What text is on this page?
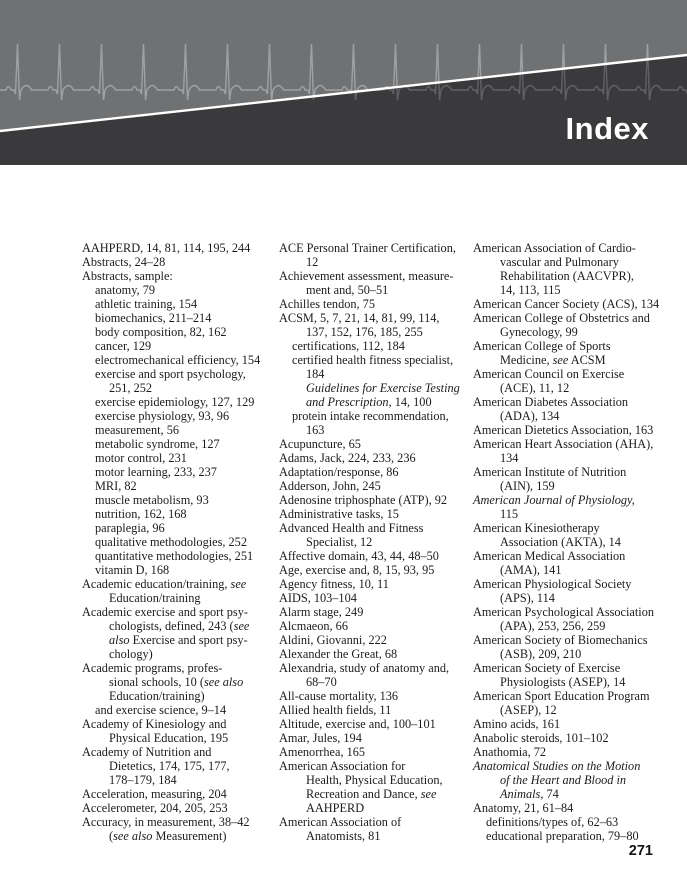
Index
AAHPERD, 14, 81, 114, 195, 244
Abstracts, 24–28
Abstracts, sample:
anatomy, 79
athletic training, 154
biomechanics, 211–214
body composition, 82, 162
cancer, 129
electromechanical efficiency, 154
exercise and sport psychology,
251, 252
exercise epidemiology, 127, 129
exercise physiology, 93, 96
measurement, 56
metabolic syndrome, 127
motor control, 231
motor learning, 233, 237
MRI, 82
muscle metabolism, 93
nutrition, 162, 168
paraplegia, 96
qualitative methodologies, 252
quantitative methodologies, 251
vitamin D, 168
Academic education/training, see
Education/training
Academic exercise and sport psy-
chologists, defined, 243 (see
also Exercise and sport psy-
chology)
Academic programs, profes-
sional schools, 10 (see also
Education/training)
and exercise science, 9–14
Academy of Kinesiology and
Physical Education, 195
Academy of Nutrition and
Dietetics, 174, 175, 177,
178–179, 184
Acceleration, measuring, 204
Accelerometer, 204, 205, 253
Accuracy, in measurement, 38–42
(see also Measurement)
ACE Personal Trainer Certification,
12
Achievement assessment, measure-
ment and, 50–51
Achilles tendon, 75
ACSM, 5, 7, 21, 14, 81, 99, 114,
137, 152, 176, 185, 255
certifications, 112, 184
certified health fitness specialist,
184
Guidelines for Exercise Testing
and Prescription, 14, 100
protein intake recommendation,
163
Acupuncture, 65
Adams, Jack, 224, 233, 236
Adaptation/response, 86
Adderson, John, 245
Adenosine triphosphate (ATP), 92
Administrative tasks, 15
Advanced Health and Fitness
Specialist, 12
Affective domain, 43, 44, 48–50
Age, exercise and, 8, 15, 93, 95
Agency fitness, 10, 11
AIDS, 103–104
Alarm stage, 249
Alcmaeon, 66
Aldini, Giovanni, 222
Alexander the Great, 68
Alexandria, study of anatomy and,
68–70
All-cause mortality, 136
Allied health fields, 11
Altitude, exercise and, 100–101
Amar, Jules, 194
Amenorrhea, 165
American Association for
Health, Physical Education,
Recreation and Dance, see
AAHPERD
American Association of
Anatomists, 81
American Association of Cardio-
vascular and Pulmonary
Rehabilitation (AACVPR),
14, 113, 115
American Cancer Society (ACS), 134
American College of Obstetrics and
Gynecology, 99
American College of Sports
Medicine, see ACSM
American Council on Exercise
(ACE), 11, 12
American Diabetes Association
(ADA), 134
American Dietetics Association, 163
American Heart Association (AHA),
134
American Institute of Nutrition
(AIN), 159
American Journal of Physiology,
115
American Kinesiotherapy
Association (AKTA), 14
American Medical Association
(AMA), 141
American Physiological Society
(APS), 114
American Psychological Association
(APA), 253, 256, 259
American Society of Biomechanics
(ASB), 209, 210
American Society of Exercise
Physiologists (ASEP), 14
American Sport Education Program
(ASEP), 12
Amino acids, 161
Anabolic steroids, 101–102
Anathomia, 72
Anatomical Studies on the Motion
of the Heart and Blood in
Animals, 74
Anatomy, 21, 61–84
definitions/types of, 62–63
educational preparation, 79–80
271
